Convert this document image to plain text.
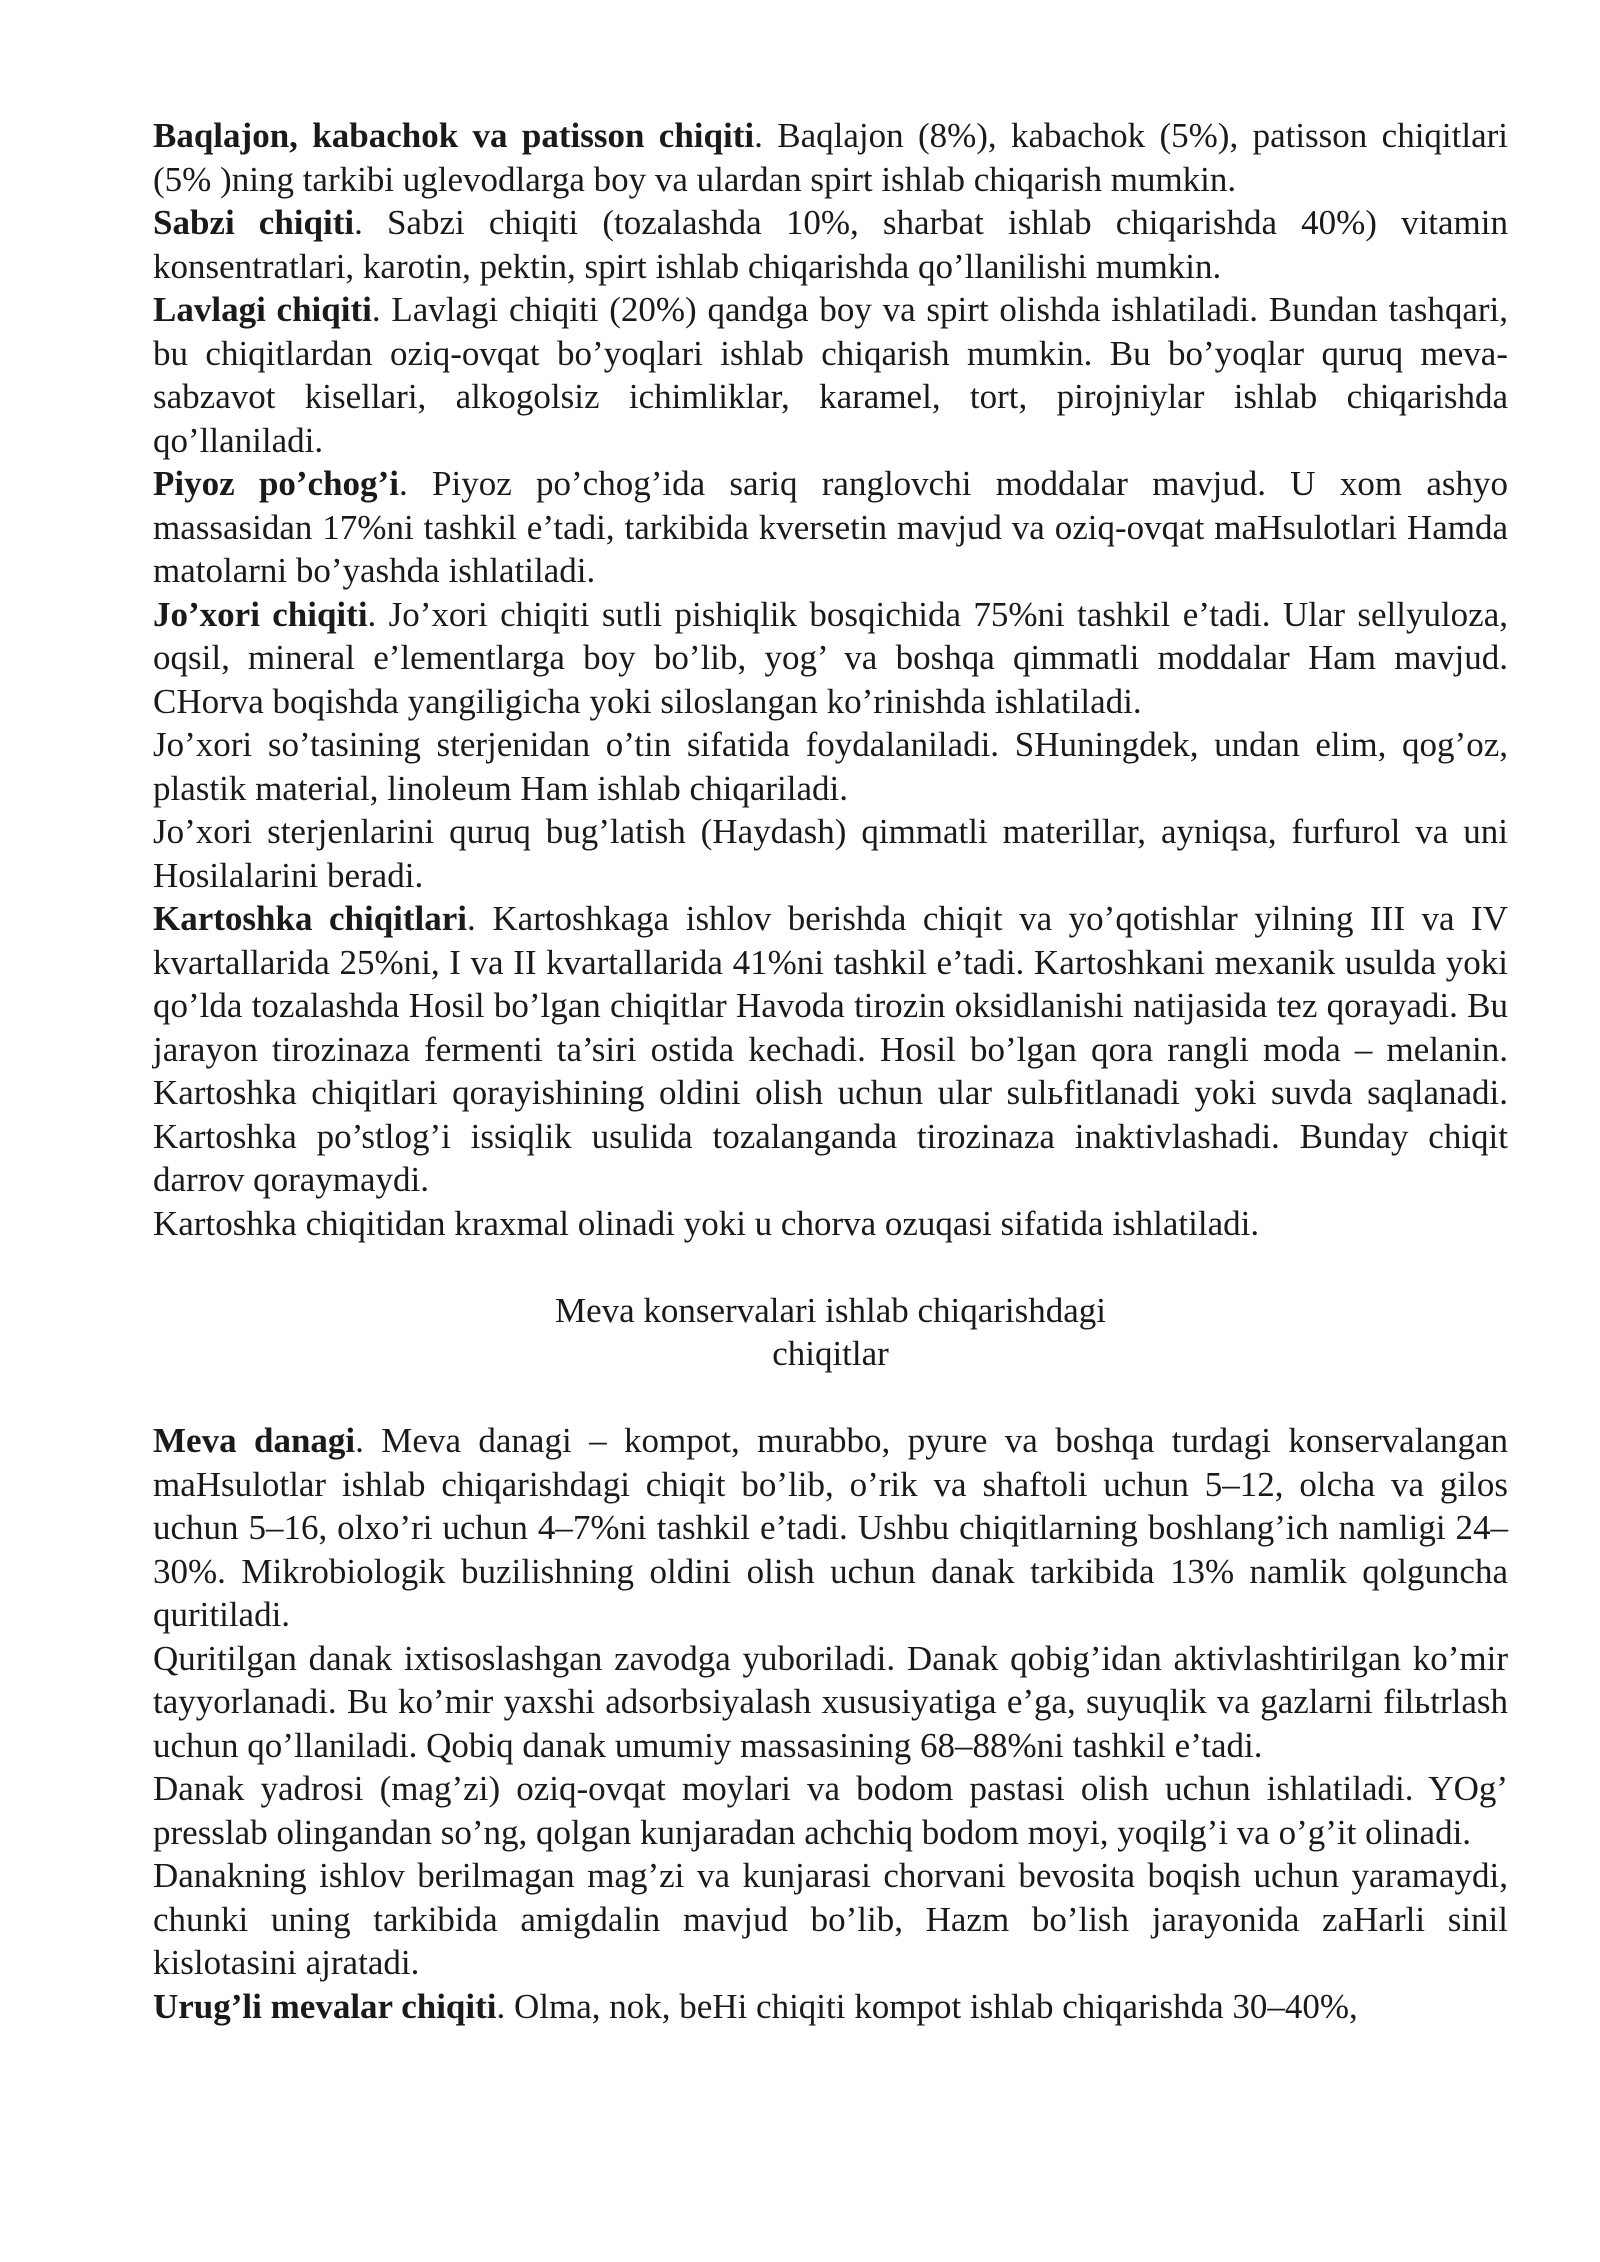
Baqlajon, kabachok va patisson chiqiti. Baqlajon (8%), kabachok (5%), patisson chiqitlari (5% )ning tarkibi uglevodlarga boy va ulardan spirt ishlab chiqarish mumkin.

Sabzi chiqiti. Sabzi chiqiti (tozalashda 10%, sharbat ishlab chiqarishda 40%) vitamin konsentratlari, karotin, pektin, spirt ishlab chiqarishda qo’llanilishi mumkin.

Lavlagi chiqiti. Lavlagi chiqiti (20%) qandga boy va spirt olishda ishlatiladi. Bundan tashqari, bu chiqitlardan oziq-ovqat bo’yoqlari ishlab chiqarish mumkin. Bu bo’yoqlar quruq meva-sabzavot kisellari, alkogolsiz ichimliklar, karamel, tort, pirojniylar ishlab chiqarishda qo’llaniladi.

Piyoz po’chog’i. Piyoz po’chog’ida sariq ranglovchi moddalar mavjud. U xom ashyo massasidan 17%ni tashkil e’tadi, tarkibida kversetin mavjud va oziq-ovqat maHsulotlari Hamda matolarni bo’yashda ishlatiladi.

Jo’xori chiqiti. Jo’xori chiqiti sutli pishiqlik bosqichida 75%ni tashkil e’tadi. Ular sellyuloza, oqsil, mineral e’lementlarga boy bo’lib, yog’ va boshqa qimmatli moddalar Ham mavjud. CHorva boqishda yangiligicha yoki siloslangan ko’rinishda ishlatiladi.

Jo’xori so’tasining sterjenidan o’tin sifatida foydalaniladi. SHuningdek, undan elim, qog’oz, plastik material, linoleum Ham ishlab chiqariladi.

Jo’xori sterjenlarini quruq bug’latish (Haydash) qimmatli materillar, ayniqsa, furfurol va uni Hosilalarini beradi.

Kartoshka chiqitlari. Kartoshkaga ishlov berishda chiqit va yo’qotishlar yilning III va IV kvartallarida 25%ni, I va II kvartallarida 41%ni tashkil e’tadi. Kartoshkani mexanik usulda yoki qo’lda tozalashda Hosil bo’lgan chiqitlar Havoda tirozin oksidlanishi natijasida tez qorayadi. Bu jarayon tirozinaza fermenti ta’siri ostida kechadi. Hosil bo’lgan qora rangli moda – melanin. Kartoshka chiqitlari qorayishining oldini olish uchun ular sulьfitlanadi yoki suvda saqlanadi. Kartoshka po’stlog’i issiqlik usulida tozalanganda tirozinaza inaktivlashadi. Bunday chiqit darrov qoraymaydi.

Kartoshka chiqitidan kraxmal olinadi yoki u chorva ozuqasi sifatida ishlatiladi.

Meva konservalari ishlab chiqarishdagi

chiqitlar

Meva danagi. Meva danagi – kompot, murabbo, pyure va boshqa turdagi konservalangan maHsulotlar ishlab chiqarishdagi chiqit bo’lib, o’rik va shaftoli uchun 5–12, olcha va gilos uchun 5–16, olxo’ri uchun 4–7%ni tashkil e’tadi. Ushbu chiqitlarning boshlang’ich namligi 24–30%. Mikrobiologik buzilishning oldini olish uchun danak tarkibida 13% namlik qolguncha quritiladi.

Quritilgan danak ixtisoslashgan zavodga yuboriladi. Danak qobig’idan aktivlashtirilgan ko’mir tayyorlanadi. Bu ko’mir yaxshi adsorbsiyalash xususiyatiga e’ga, suyuqlik va gazlarni filьtrlash uchun qo’llaniladi. Qobiq danak umumiy massasining 68–88%ni tashkil e’tadi.

Danak yadrosi (mag’zi) oziq-ovqat moylari va bodom pastasi olish uchun ishlatiladi. YOg’ presslab olingandan so’ng, qolgan kunjaradan achchiq bodom moyi, yoqilg’i va o’g’it olinadi.

Danakning ishlov berilmagan mag’zi va kunjarasi chorvani bevosita boqish uchun yaramaydi, chunki uning tarkibida amigdalin mavjud bo’lib, Hazm bo’lish jarayonida zaHarli sinil kislotasini ajratadi.

Urug’li mevalar chiqiti. Olma, nok, beHi chiqiti kompot ishlab chiqarishda 30–40%,
